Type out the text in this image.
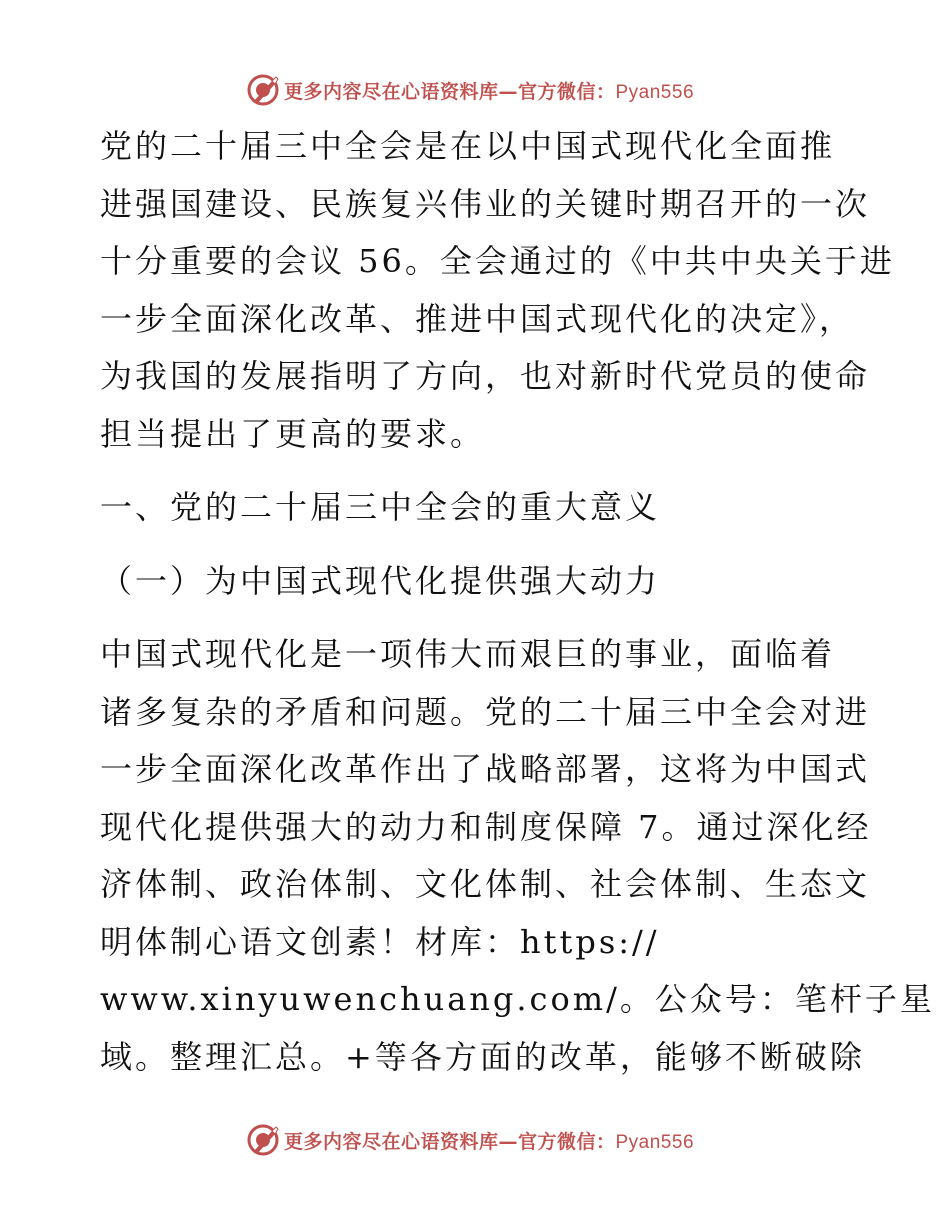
更多内容尽在心语资料库—官方微信：Pyan556
党的二十届三中全会是在以中国式现代化全面推
进强国建设、民族复兴伟业的关键时期召开的一次
十分重要的会议 56。全会通过的《中共中央关于进
一步全面深化改革、推进中国式现代化的决定》，
为我国的发展指明了方向，也对新时代党员的使命
担当提出了更高的要求。
一、党的二十届三中全会的重大意义
（一）为中国式现代化提供强大动力
中国式现代化是一项伟大而艰巨的事业，面临着
诸多复杂的矛盾和问题。党的二十届三中全会对进
一步全面深化改革作出了战略部署，这将为中国式
现代化提供强大的动力和制度保障 7。通过深化经
济体制、政治体制、文化体制、社会体制、生态文
明体制心语文创素！材库：https://
www.xinyuwenchuang.com/。公众号：笔杆子星
域。整理汇总。+等各方面的改革，能够不断破除
更多内容尽在心语资料库—官方微信：Pyan556
